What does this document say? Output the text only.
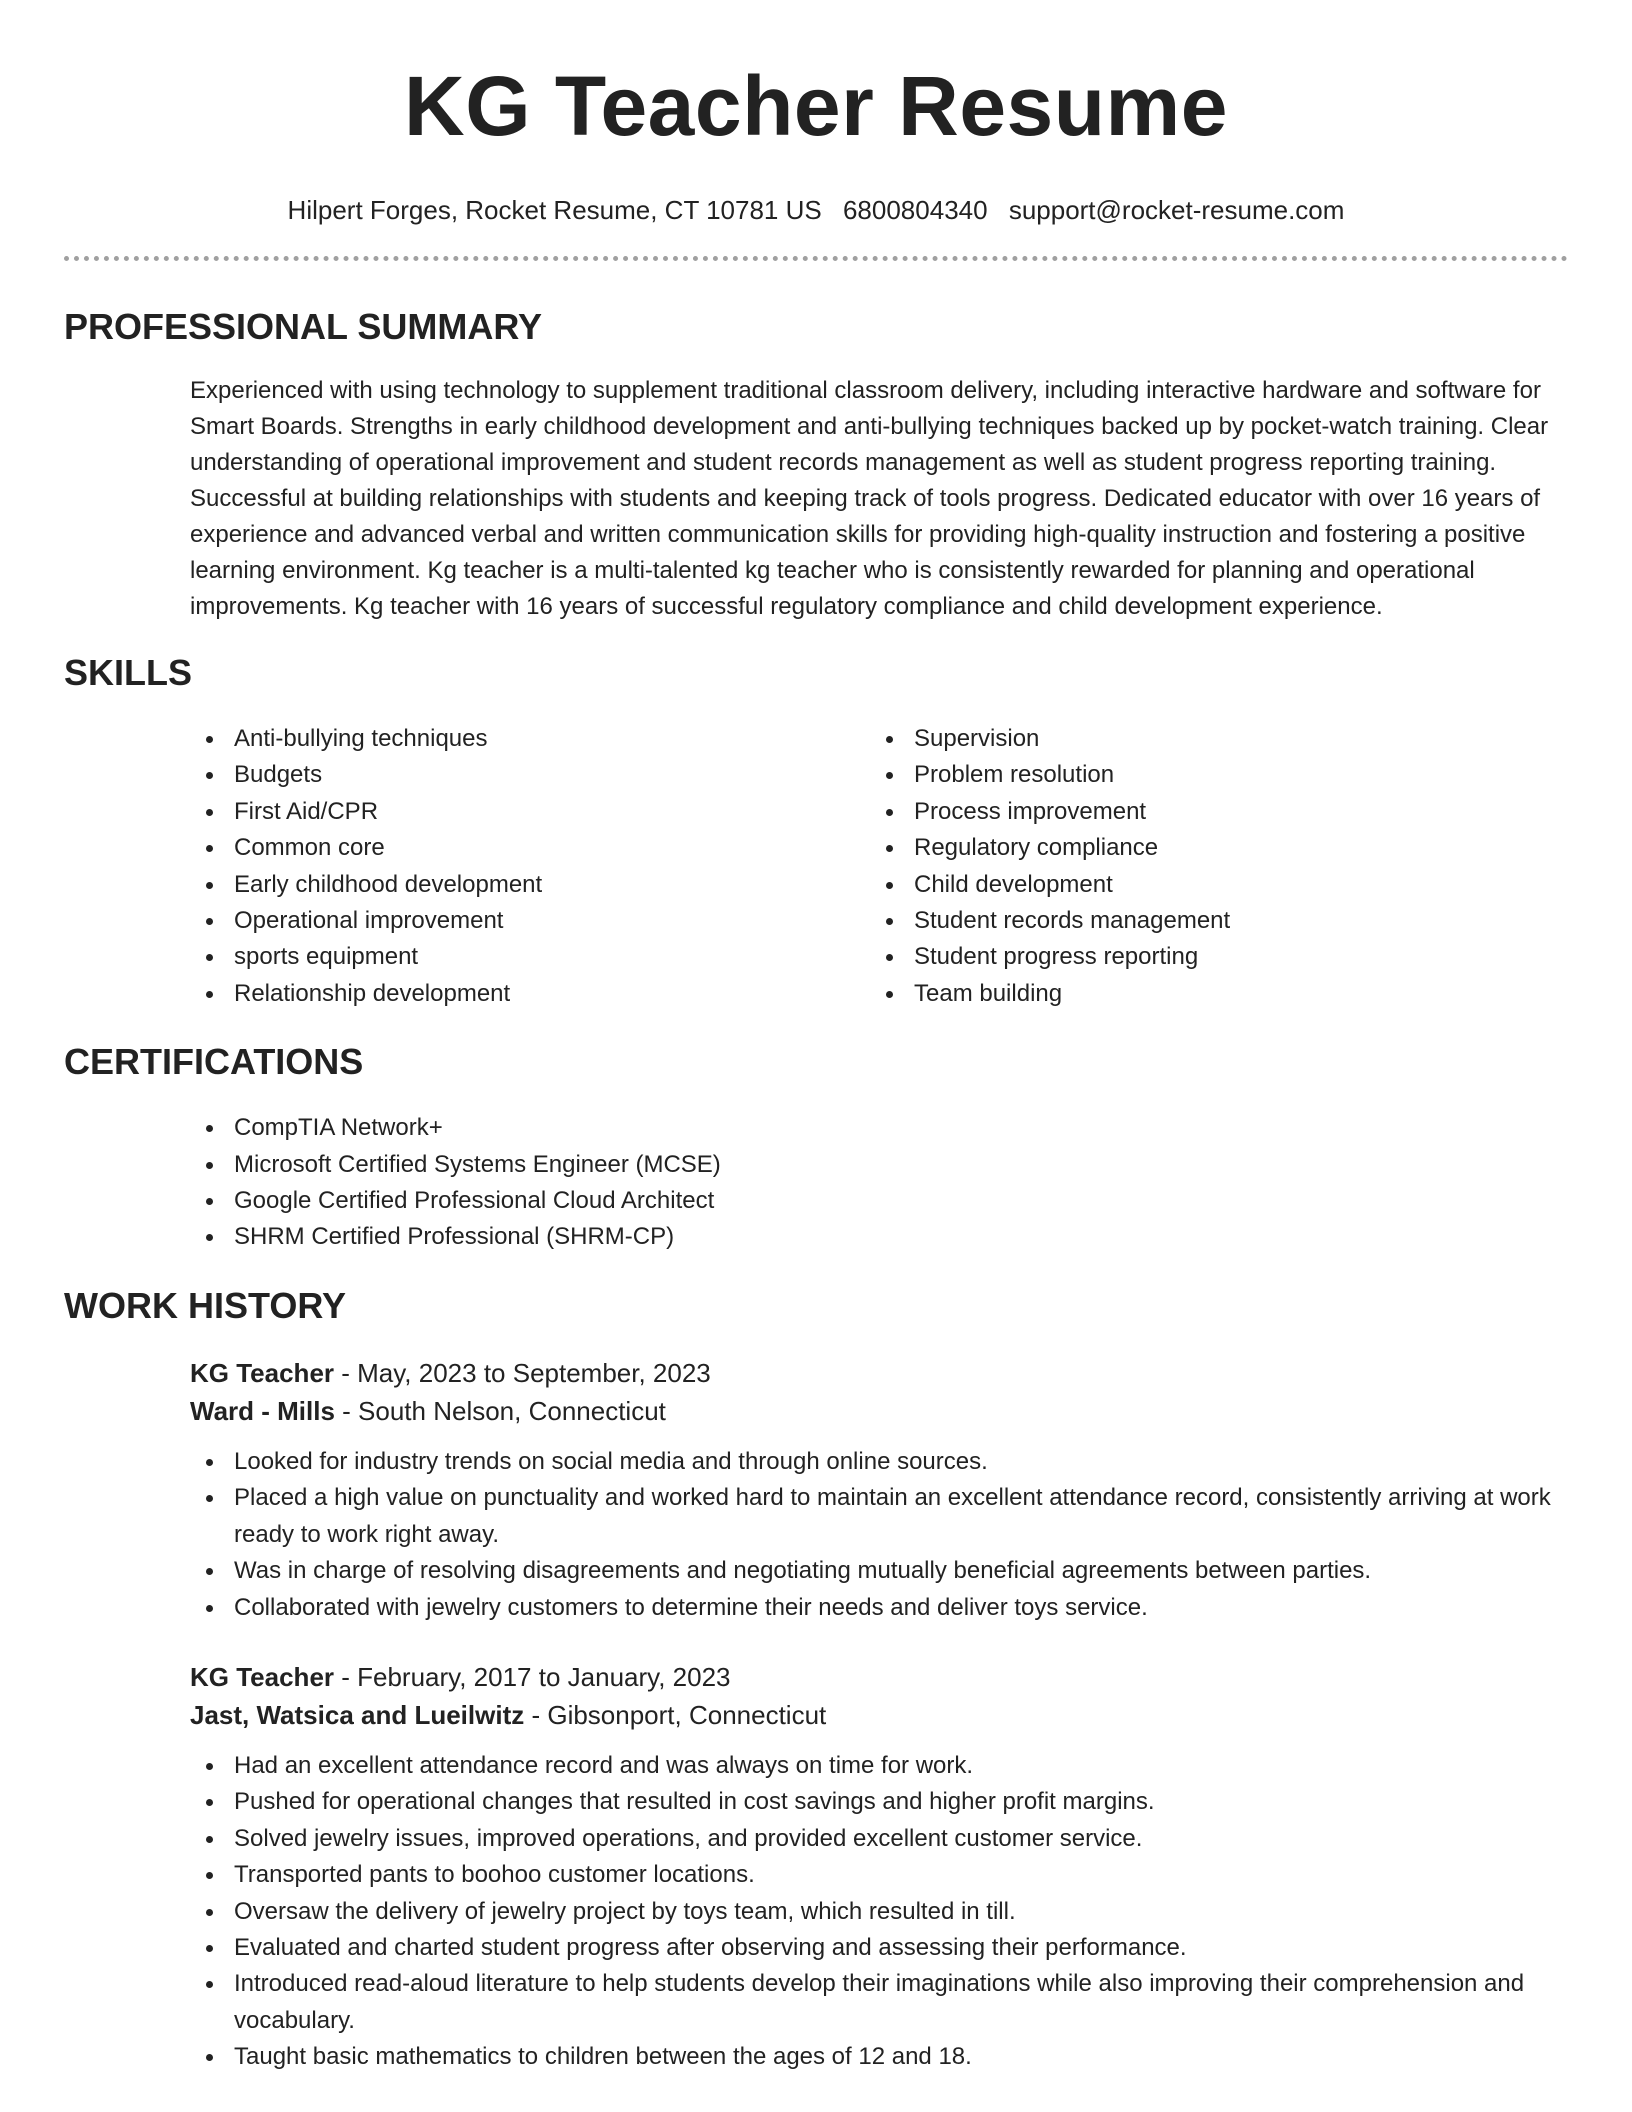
KG Teacher Resume
Hilpert Forges, Rocket Resume, CT 10781 US 6800804340 support@rocket-resume.com
PROFESSIONAL SUMMARY

Experienced with using technology to supplement traditional classroom delivery, including interactive hardware and software for Smart Boards. Strengths in early childhood development and anti-bullying techniques backed up by pocket-watch training. Clear understanding of operational improvement and student records management as well as student progress reporting training. Successful at building relationships with students and keeping track of tools progress. Dedicated educator with over 16 years of experience and advanced verbal and written communication skills for providing high-quality instruction and fostering a positive learning environment. Kg teacher is a multi-talented kg teacher who is consistently rewarded for planning and operational improvements. Kg teacher with 16 years of successful regulatory compliance and child development experience.

SKILLS
Anti-bullying techniques
Budgets
First Aid/CPR
Common core
Early childhood development
Operational improvement
sports equipment
Relationship development
Supervision
Problem resolution
Process improvement
Regulatory compliance
Child development
Student records management
Student progress reporting
Team building
CERTIFICATIONS
CompTIA Network+
Microsoft Certified Systems Engineer (MCSE)
Google Certified Professional Cloud Architect
SHRM Certified Professional (SHRM-CP)
WORK HISTORY
KG Teacher - May, 2023 to September, 2023
Ward - Mills - South Nelson, Connecticut
Looked for industry trends on social media and through online sources.
Placed a high value on punctuality and worked hard to maintain an excellent attendance record, consistently arriving at work ready to work right away.
Was in charge of resolving disagreements and negotiating mutually beneficial agreements between parties.
Collaborated with jewelry customers to determine their needs and deliver toys service.
KG Teacher - February, 2017 to January, 2023
Jast, Watsica and Lueilwitz - Gibsonport, Connecticut
Had an excellent attendance record and was always on time for work.
Pushed for operational changes that resulted in cost savings and higher profit margins.
Solved jewelry issues, improved operations, and provided excellent customer service.
Transported pants to boohoo customer locations.
Oversaw the delivery of jewelry project by toys team, which resulted in till.
Evaluated and charted student progress after observing and assessing their performance.
Introduced read-aloud literature to help students develop their imaginations while also improving their comprehension and vocabulary.
Taught basic mathematics to children between the ages of 12 and 18.
